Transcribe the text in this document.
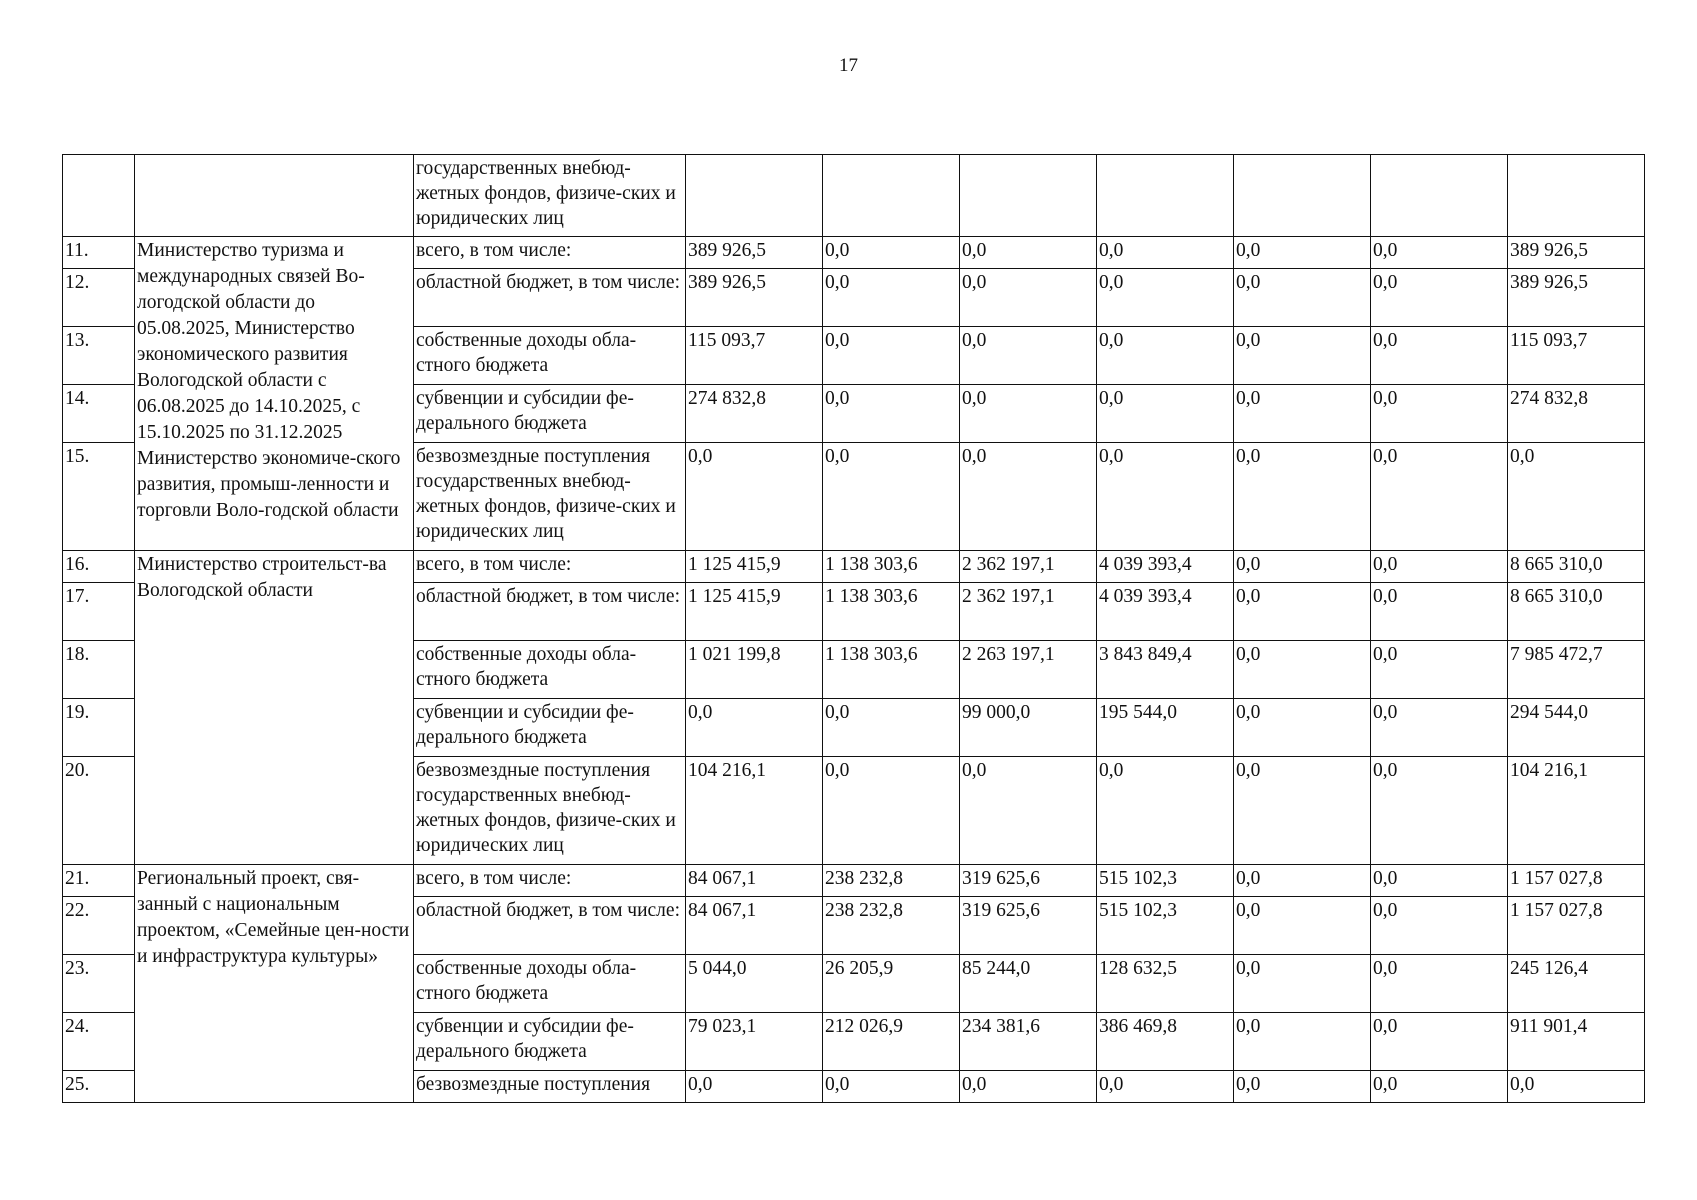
17
		государственных внебюд-жетных фондов, физиче-ских и юридических лиц							
11.	Министерство туризма и международных связей Во-логодской области до 05.08.2025, Министерство экономического развития Вологодской области с 06.08.2025 до 14.10.2025, с 15.10.2025 по 31.12.2025 Министерство экономиче-ского развития, промыш-ленности и торговли Воло-годской области	всего, в том числе:	389 926,5	0,0	0,0	0,0	0,0	0,0	389 926,5
12.		областной бюджет, в том числе:	389 926,5	0,0	0,0	0,0	0,0	0,0	389 926,5
13.		собственные доходы обла-стного бюджета	115 093,7	0,0	0,0	0,0	0,0	0,0	115 093,7
14.		субвенции и субсидии фе-дерального бюджета	274 832,8	0,0	0,0	0,0	0,0	0,0	274 832,8
15.		безвозмездные поступления государственных внебюд-жетных фондов, физиче-ских и юридических лиц	0,0	0,0	0,0	0,0	0,0	0,0	0,0
16.	Министерство строительст-ва Вологодской области	всего, в том числе:	1 125 415,9	1 138 303,6	2 362 197,1	4 039 393,4	0,0	0,0	8 665 310,0
17.		областной бюджет, в том числе:	1 125 415,9	1 138 303,6	2 362 197,1	4 039 393,4	0,0	0,0	8 665 310,0
18.		собственные доходы обла-стного бюджета	1 021 199,8	1 138 303,6	2 263 197,1	3 843 849,4	0,0	0,0	7 985 472,7
19.		субвенции и субсидии фе-дерального бюджета	0,0	0,0	99 000,0	195 544,0	0,0	0,0	294 544,0
20.		безвозмездные поступления государственных внебюд-жетных фондов, физиче-ских и юридических лиц	104 216,1	0,0	0,0	0,0	0,0	0,0	104 216,1
21.	Региональный проект, свя-занный с национальным проектом, «Семейные цен-ности и инфраструктура культуры»	всего, в том числе:	84 067,1	238 232,8	319 625,6	515 102,3	0,0	0,0	1 157 027,8
22.		областной бюджет, в том числе:	84 067,1	238 232,8	319 625,6	515 102,3	0,0	0,0	1 157 027,8
23.		собственные доходы обла-стного бюджета	5 044,0	26 205,9	85 244,0	128 632,5	0,0	0,0	245 126,4
24.		субвенции и субсидии фе-дерального бюджета	79 023,1	212 026,9	234 381,6	386 469,8	0,0	0,0	911 901,4
25.		безвозмездные поступления	0,0	0,0	0,0	0,0	0,0	0,0	0,0
